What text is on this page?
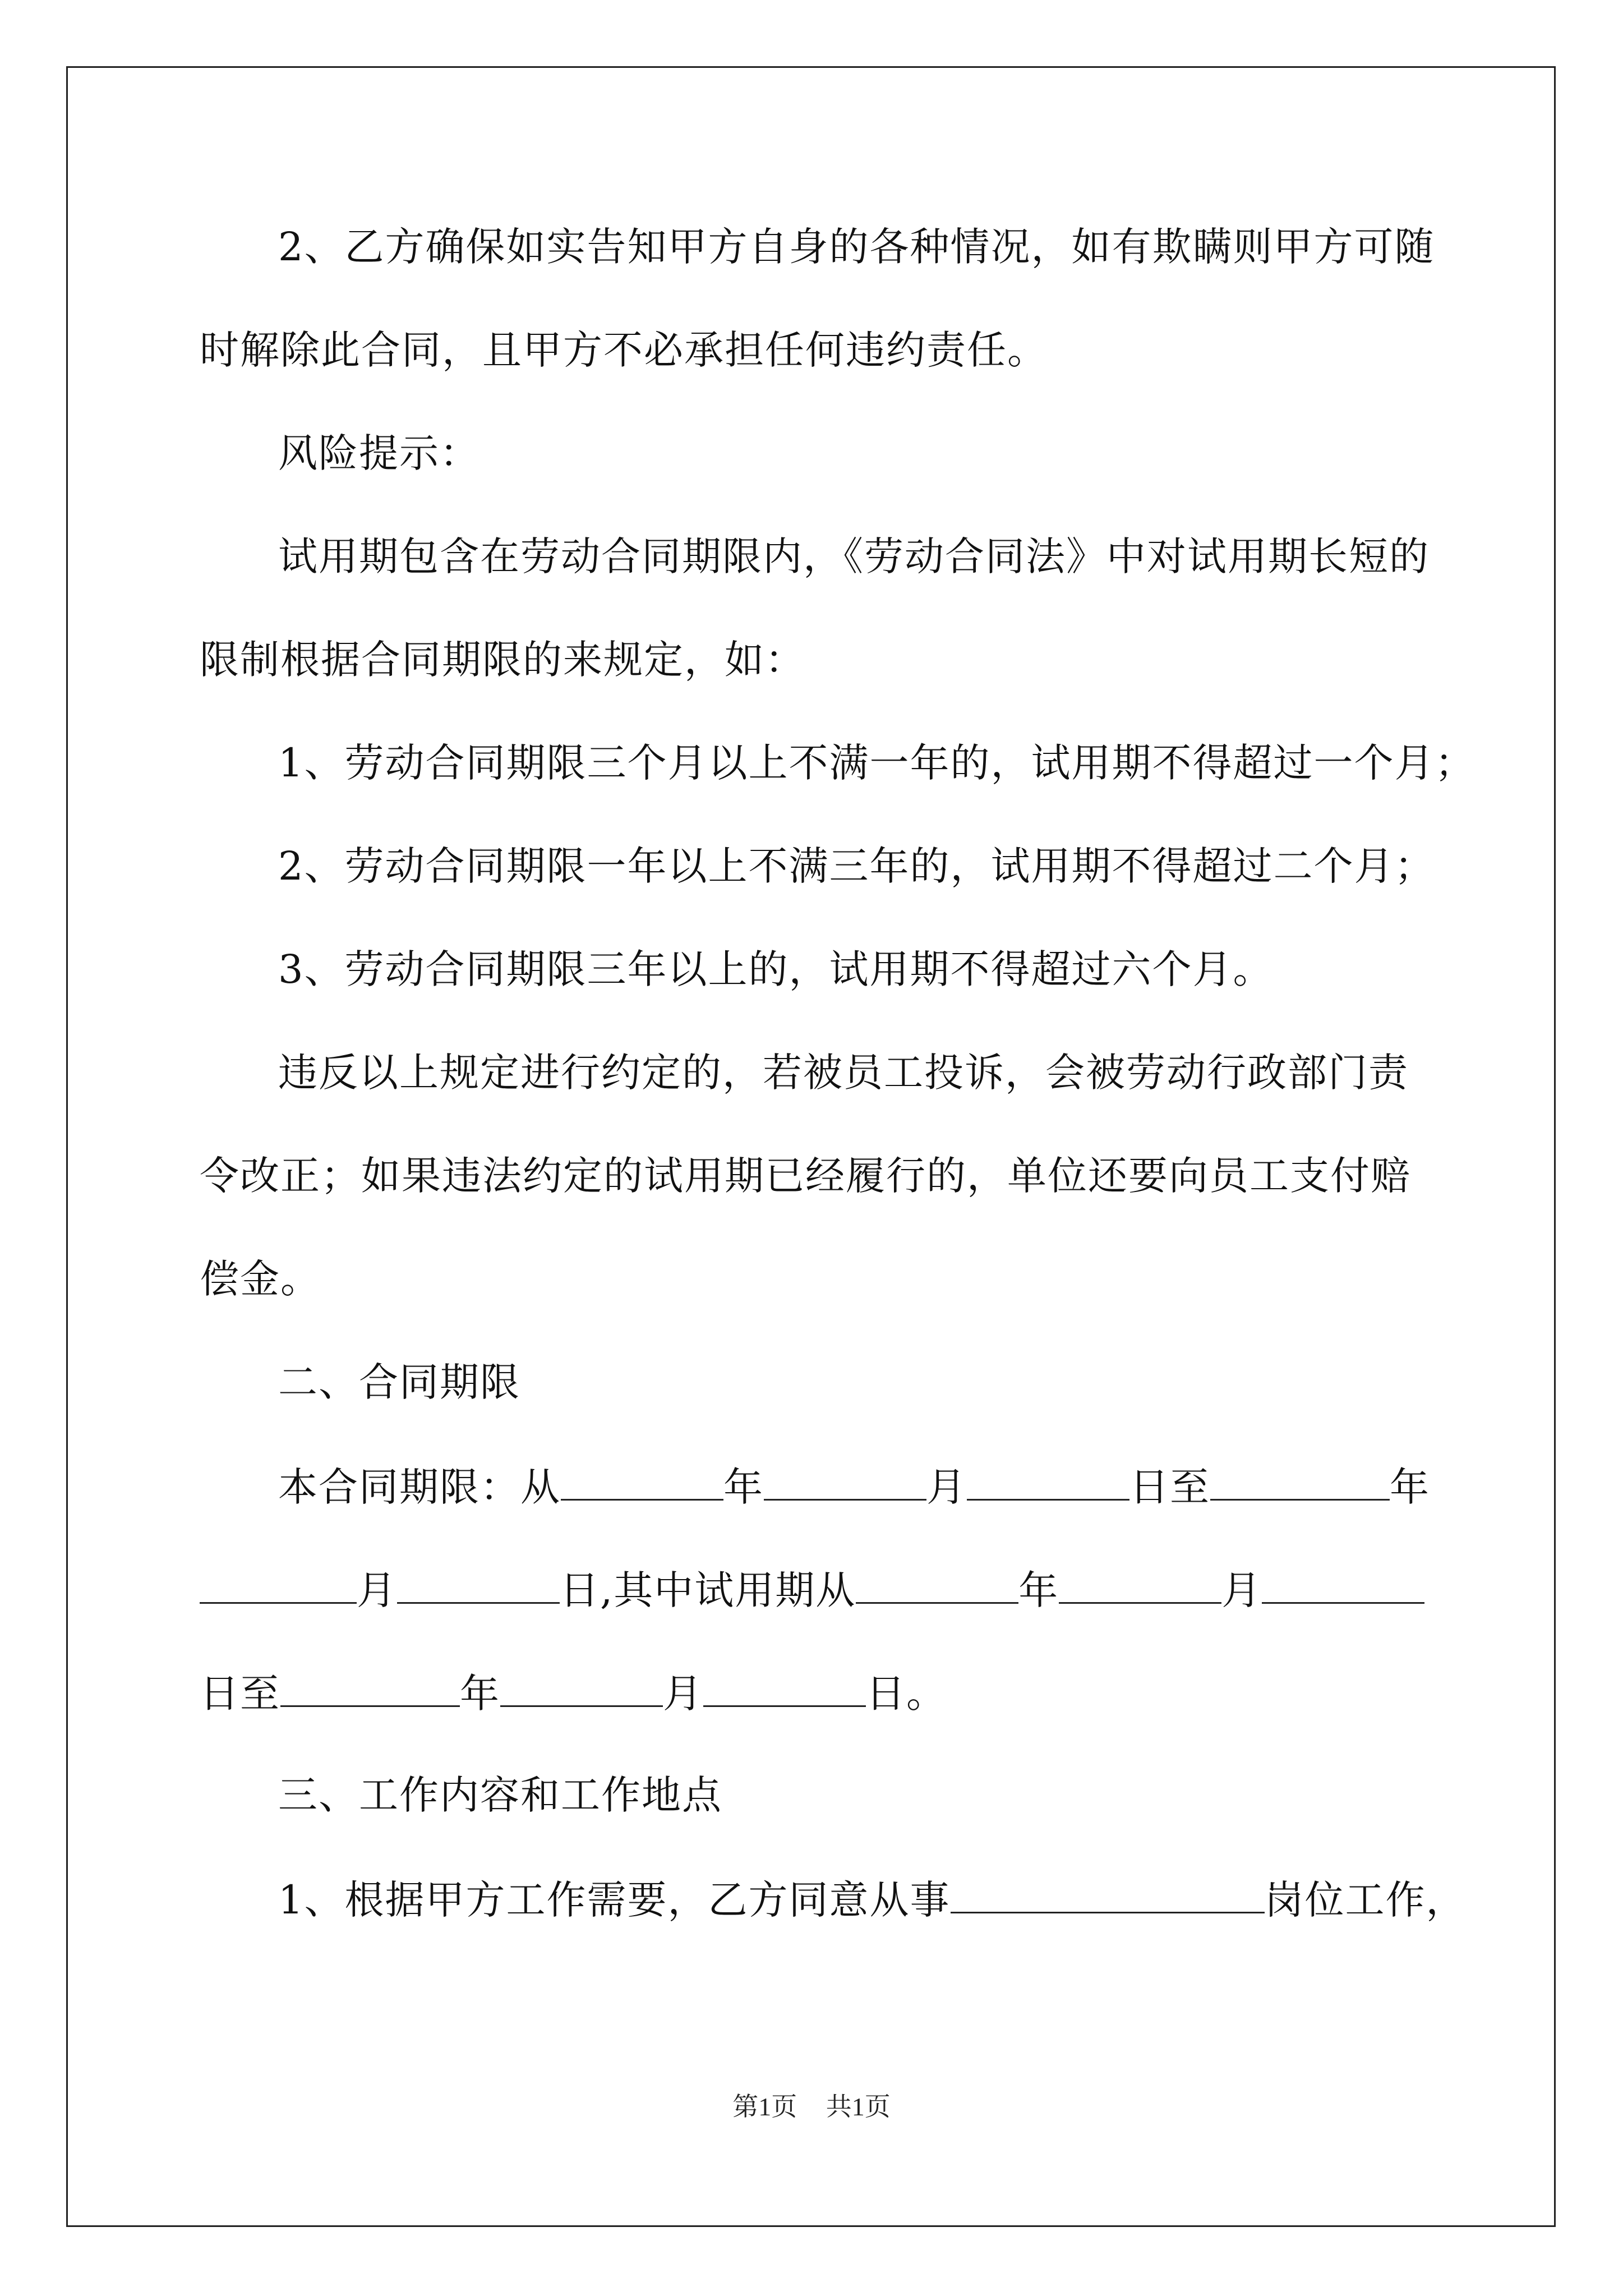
2、乙方确保如实告知甲方自身的各种情况，如有欺瞒则甲方可随
时解除此合同，且甲方不必承担任何违约责任。
风险提示：
试用期包含在劳动合同期限内，《劳动合同法》中对试用期长短的
限制根据合同期限的来规定，如：
1、劳动合同期限三个月以上不满一年的，试用期不得超过一个月；
2、劳动合同期限一年以上不满三年的，试用期不得超过二个月；
3、劳动合同期限三年以上的，试用期不得超过六个月。
违反以上规定进行约定的，若被员工投诉，会被劳动行政部门责
令改正；如果违法约定的试用期已经履行的，单位还要向员工支付赔
偿金。
二、合同期限
本合同期限：从	年	月	日至	年
月	日,其中试用期从	年	月
日至	年	月	日。
三、工作内容和工作地点
1、根据甲方工作需要，乙方同意从事	岗位工作，
第1页 共1页
